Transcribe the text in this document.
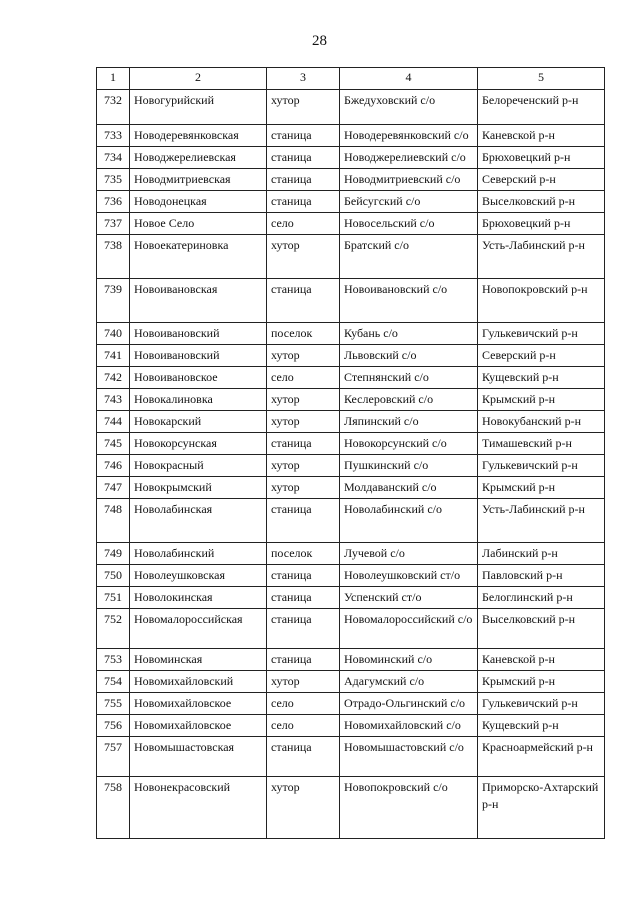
28
1	2	3	4	5
732	Новогурийский	хутор	Бжедуховский с/о	Белореченский р-н
733	Новодеревянковская	станица	Новодеревянковский с/о	Каневской р-н
734	Новоджерелиевская	станица	Новоджерелиевский с/о	Брюховецкий р-н
735	Новодмитриевская	станица	Новодмитриевский с/о	Северский р-н
736	Новодонецкая	станица	Бейсугский с/о	Выселковский р-н
737	Новое Село	село	Новосельский с/о	Брюховецкий р-н
738	Новоекатериновка	хутор	Братский с/о	Усть-Лабинский р-н
739	Новоивановская	станица	Новоивановский с/о	Новопокровский р-н
740	Новоивановский	поселок	Кубань с/о	Гулькевичский р-н
741	Новоивановский	хутор	Львовский с/о	Северский р-н
742	Новоивановское	село	Степнянский с/о	Кущевский р-н
743	Новокалиновка	хутор	Кеслеровский с/о	Крымский р-н
744	Новокарский	хутор	Ляпинский с/о	Новокубанский р-н
745	Новокорсунская	станица	Новокорсунский с/о	Тимашевский р-н
746	Новокрасный	хутор	Пушкинский с/о	Гулькевичский р-н
747	Новокрымский	хутор	Молдаванский с/о	Крымский р-н
748	Новолабинская	станица	Новолабинский с/о	Усть-Лабинский р-н
749	Новолабинский	поселок	Лучевой с/о	Лабинский р-н
750	Новолеушковская	станица	Новолеушковский ст/о	Павловский р-н
751	Новолокинская	станица	Успенский ст/о	Белоглинский р-н
752	Новомалороссийская	станица	Новомалороссийский с/о	Выселковский р-н
753	Новоминская	станица	Новоминский с/о	Каневской р-н
754	Новомихайловский	хутор	Адагумский с/о	Крымский р-н
755	Новомихайловское	село	Отрадо-Ольгинский с/о	Гулькевичский р-н
756	Новомихайловское	село	Новомихайловский с/о	Кущевский р-н
757	Новомышастовская	станица	Новомышастовский с/о	Красноармейский р-н
758	Новонекрасовский	хутор	Новопокровский с/о	Приморско-Ахтарский р-н
